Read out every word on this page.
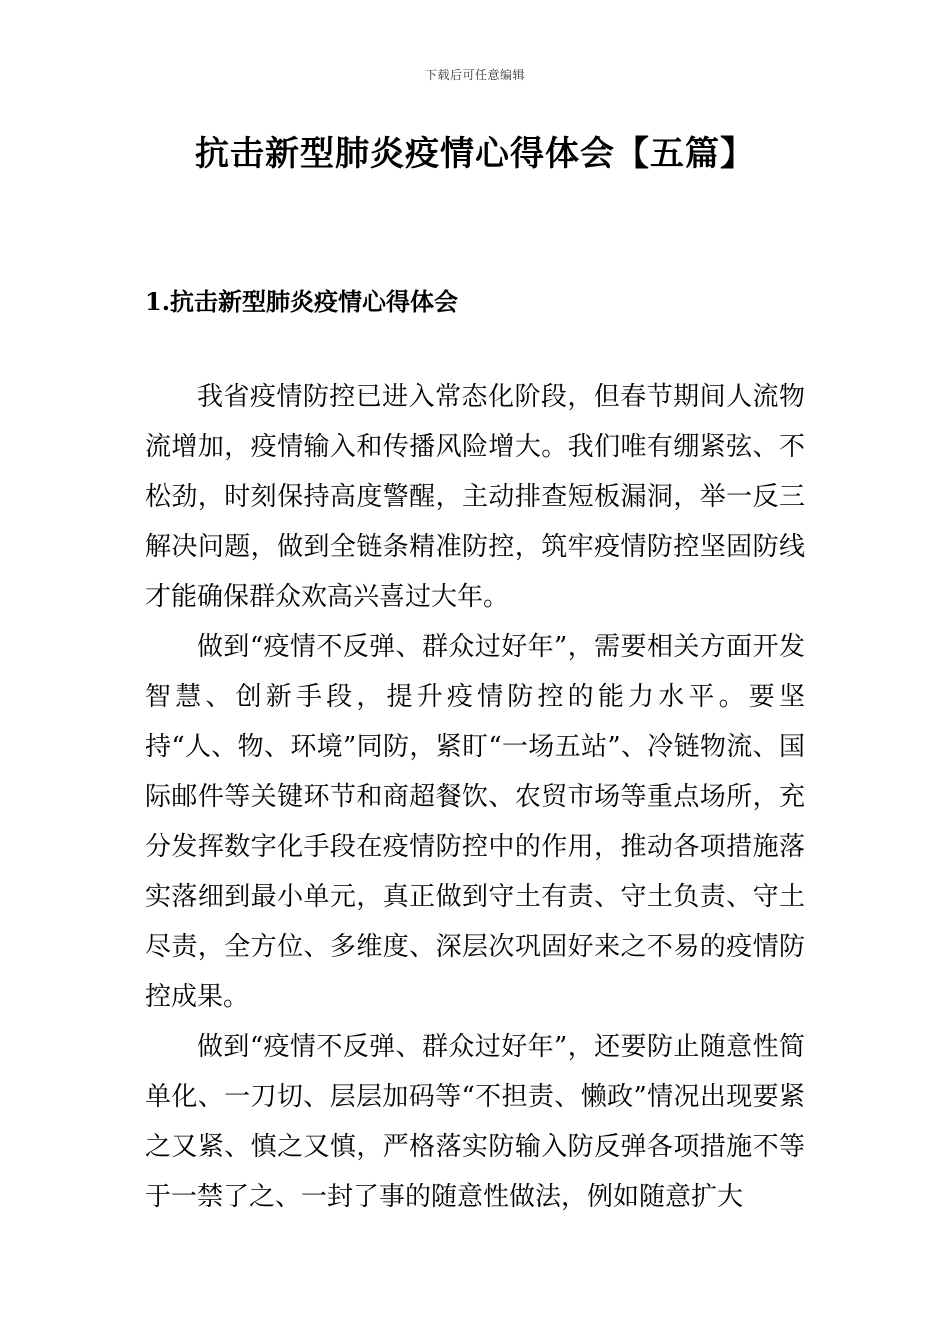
下载后可任意编辑
抗击新型肺炎疫情心得体会【五篇】
1.抗击新型肺炎疫情心得体会

我省疫情防控已进入常态化阶段，但春节期间人流物流增加，疫情输入和传播风险增大。我们唯有绷紧弦、不松劲，时刻保持高度警醒，主动排查短板漏洞，举一反三解决问题，做到全链条精准防控，筑牢疫情防控坚固防线才能确保群众欢高兴喜过大年。

做到“疫情不反弹、群众过好年”，需要相关方面开发智慧、创新手段，提升疫情防控的能力水平。要坚持“人、物、环境”同防，紧盯“一场五站”、冷链物流、国际邮件等关键环节和商超餐饮、农贸市场等重点场所，充分发挥数字化手段在疫情防控中的作用，推动各项措施落实落细到最小单元，真正做到守土有责、守土负责、守土尽责，全方位、多维度、深层次巩固好来之不易的疫情防控成果。

做到“疫情不反弹、群众过好年”，还要防止随意性简单化、一刀切、层层加码等“不担责、懒政”情况出现要紧之又紧、慎之又慎，严格落实防输入防反弹各项措施不等于一禁了之、一封了事的随意性做法，例如随意扩大
